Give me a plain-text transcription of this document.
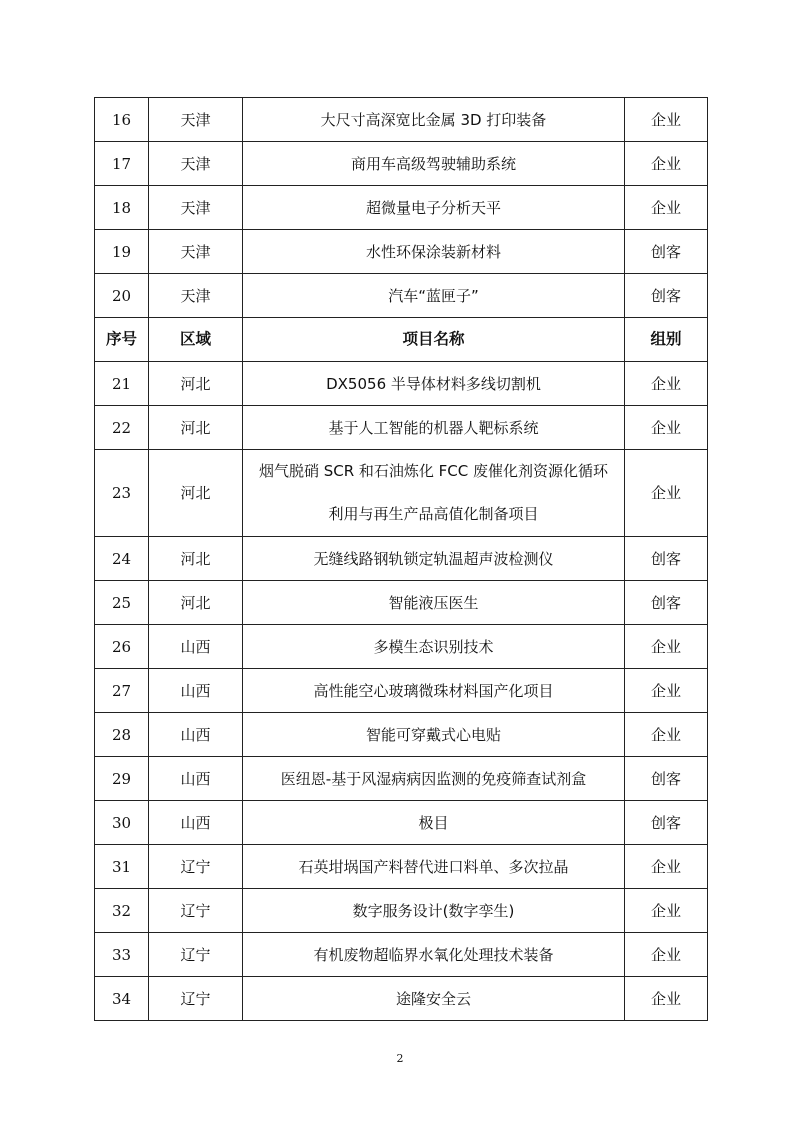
16	天津	大尺寸高深宽比金属 3D 打印装备	企业
17	天津	商用车高级驾驶辅助系统	企业
18	天津	超微量电子分析天平	企业
19	天津	水性环保涂装新材料	创客
20	天津	汽车“蓝匣子”	创客
序号	区域	项目名称	组别
21	河北	DX5056 半导体材料多线切割机	企业
22	河北	基于人工智能的机器人靶标系统	企业
23	河北	烟气脱硝 SCR 和石油炼化 FCC 废催化剂资源化循环
利用与再生产品高值化制备项目	企业
24	河北	无缝线路钢轨锁定轨温超声波检测仪	创客
25	河北	智能液压医生	创客
26	山西	多模生态识别技术	企业
27	山西	高性能空心玻璃微珠材料国产化项目	企业
28	山西	智能可穿戴式心电贴	企业
29	山西	医纽恩-基于风湿病病因监测的免疫筛查试剂盒	创客
30	山西	极目	创客
31	辽宁	石英坩埚国产料替代进口料单、多次拉晶	企业
32	辽宁	数字服务设计(数字孪生)	企业
33	辽宁	有机废物超临界水氧化处理技术装备	企业
34	辽宁	途隆安全云	企业
2
